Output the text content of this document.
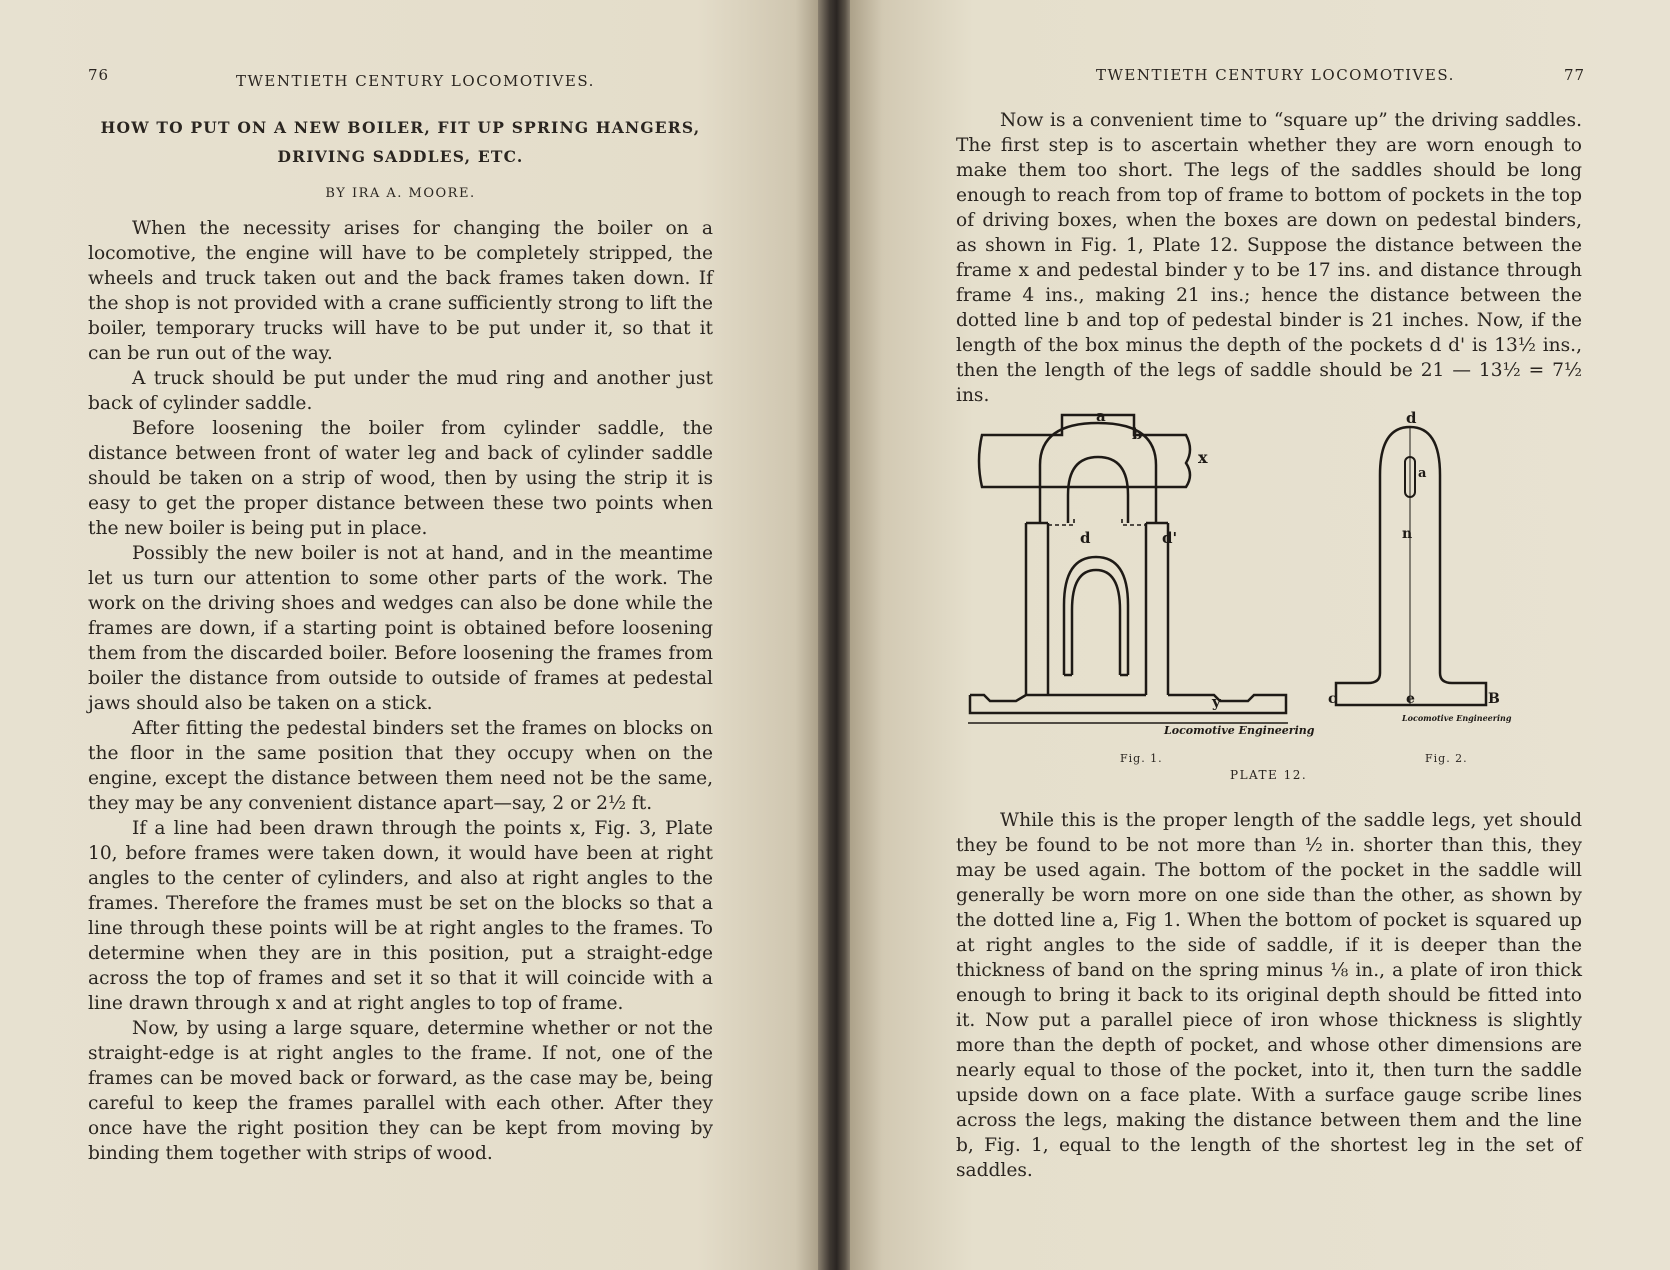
76	TWENTIETH CENTURY LOCOMOTIVES.
HOW TO PUT ON A NEW BOILER, FIT UP SPRING HANGERS,
DRIVING SADDLES, ETC.
BY IRA A. MOORE.

When the necessity arises for changing the boiler on a locomotive, the engine will have to be completely stripped, the wheels and truck taken out and the back frames taken down. If the shop is not provided with a crane sufficiently strong to lift the boiler, temporary trucks will have to be put under it, so that it can be run out of the way.

A truck should be put under the mud ring and another just back of cylinder saddle.

Before loosening the boiler from cylinder saddle, the distance between front of water leg and back of cylinder saddle should be taken on a strip of wood, then by using the strip it is easy to get the proper distance between these two points when the new boiler is being put in place.

Possibly the new boiler is not at hand, and in the meantime let us turn our attention to some other parts of the work. The work on the driving shoes and wedges can also be done while the frames are down, if a starting point is obtained before loosening them from the discarded boiler. Before loosening the frames from boiler the distance from outside to outside of frames at pedestal jaws should also be taken on a stick.

After fitting the pedestal binders set the frames on blocks on the floor in the same position that they occupy when on the engine, except the distance between them need not be the same, they may be any convenient distance apart—say, 2 or 2½ ft.

If a line had been drawn through the points x, Fig. 3, Plate 10, before frames were taken down, it would have been at right angles to the center of cylinders, and also at right angles to the frames. Therefore the frames must be set on the blocks so that a line through these points will be at right angles to the frames. To determine when they are in this position, put a straight-edge across the top of frames and set it so that it will coincide with a line drawn through x and at right angles to top of frame.

Now, by using a large square, determine whether or not the straight-edge is at right angles to the frame. If not, one of the frames can be moved back or forward, as the case may be, being careful to keep the frames parallel with each other. After they once have the right position they can be kept from moving by binding them together with strips of wood.

TWENTIETH CENTURY LOCOMOTIVES.	77

Now is a convenient time to “square up” the driving saddles. The first step is to ascertain whether they are worn enough to make them too short. The legs of the saddles should be long enough to reach from top of frame to bottom of pockets in the top of driving boxes, when the boxes are down on pedestal binders, as shown in Fig. 1, Plate 12. Suppose the distance between the frame x and pedestal binder y to be 17 ins. and distance through frame 4 ins., making 21 ins.; hence the distance between the dotted line b and top of pedestal binder is 21 inches. Now, if the length of the box minus the depth of the pockets d d' is 13½ ins., then the length of the legs of saddle should be 21 — 13½ = 7½ ins.

a
b
x
d	d'
y
Locomotive Engineering
d
a
n
c	e	B
Locomotive Engineering
Fig. 1.	Fig. 2.
PLATE 12.

While this is the proper length of the saddle legs, yet should they be found to be not more than ½ in. shorter than this, they may be used again. The bottom of the pocket in the saddle will generally be worn more on one side than the other, as shown by the dotted line a, Fig 1. When the bottom of pocket is squared up at right angles to the side of saddle, if it is deeper than the thickness of band on the spring minus ⅛ in., a plate of iron thick enough to bring it back to its original depth should be fitted into it. Now put a parallel piece of iron whose thickness is slightly more than the depth of pocket, and whose other dimensions are nearly equal to those of the pocket, into it, then turn the saddle upside down on a face plate. With a surface gauge scribe lines across the legs, making the distance between them and the line b, Fig. 1, equal to the length of the shortest leg in the set of saddles.
